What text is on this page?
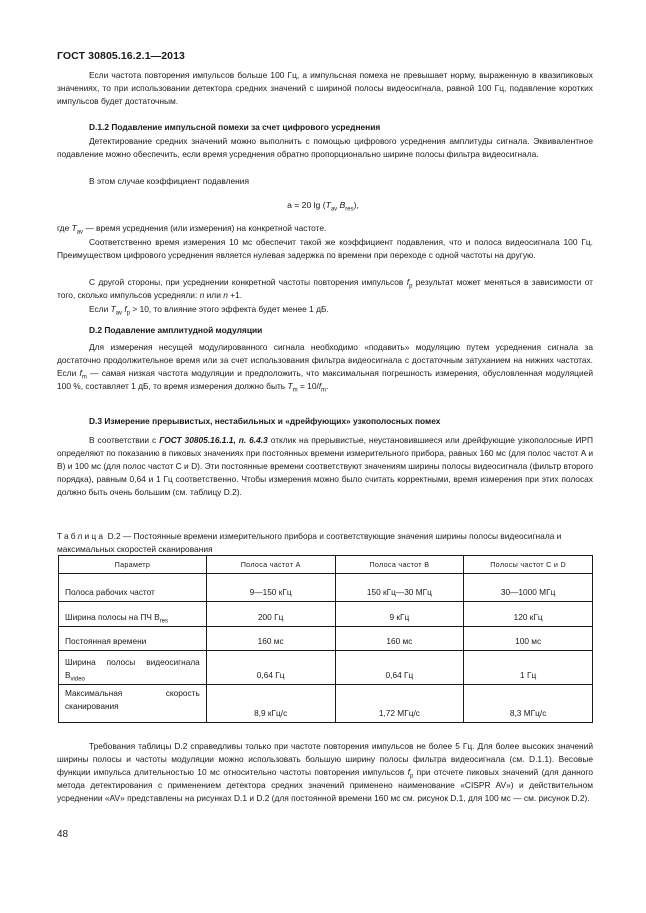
ГОСТ 30805.16.2.1—2013
Если частота повторения импульсов больше 100 Гц, а импульсная помеха не превышает норму, выраженную в квазипиковых значениях, то при использовании детектора средних значений с шириной полосы видеосигнала, равной 100 Гц, подавление коротких импульсов будет достаточным.
D.1.2 Подавление импульсной помехи за счет цифрового усреднения
Детектирование средних значений можно выполнить с помощью цифрового усреднения амплитуды сигнала. Эквивалентное подавление можно обеспечить, если время усреднения обратно пропорционально ширине полосы фильтра видеосигнала.
В этом случае коэффициент подавления
a = 20 $\lg (T_{av}$ $B_{res}$),
где $T_{av}$ — время усреднения (или измерения) на конкретной частоте.
Соответственно время измерения 10 мс обеспечит такой же коэффициент подавления, что и полоса видеосигнала 100 Гц. Преимуществом цифрового усреднения является нулевая задержка по времени при переходе с одной частоты на другую.
С другой стороны, при усреднении конкретной частоты повторения импульсов $f_p$ результат может меняться в зависимости от того, сколько импульсов усредняли: n или n +1.
Если $T_{av}$ $f_p > 10$, то влияние этого эффекта будет менее 1 дБ.
D.2 Подавление амплитудной модуляции
Для измерения несущей модулированного сигнала необходимо «подавить» модуляцию путем усреднения сигнала за достаточно продолжительное время или за счет использования фильтра видеосигнала с достаточным затуханием на нижних частотах. Если $f_m$ — самая низкая частота модуляции и предположить, что максимальная погрешность измерения, обусловленная модуляцией 100 %, составляет 1 дБ, то время измерения должно быть $T_m = 10/f_m$.
D.3 Измерение прерывистых, нестабильных и «дрейфующих» узкополосных помех
В соответствии с ГОСТ 30805.16.1.1, п. 6.4.3 отклик на прерывистые, неустановившиеся или дрейфующие узкополосные ИРП определяют по показанию в пиковых значениях при постоянных времени измерительного прибора, равных 160 мс (для полос частот A и B) и 100 мс (для полос частот C и D). Эти постоянные времени соответствуют значениям ширины полосы видеосигнала (фильтр второго порядка), равным 0,64 и 1 Гц соответственно. Чтобы измерения можно было считать корректными, время измерения при этих полосах должно быть очень большим (см. таблицу D.2).
Таблица D.2 — Постоянные времени измерительного прибора и соответствующие значения ширины полосы видеосигнала и максимальных скоростей сканирования
Параметр	Полоса частот A	Полоса частот B	Полосы частот C и D
Полоса рабочих частот	9—150 кГц	150 кГц—30 МГц	30—1000 МГц
Ширина полосы на ПЧ $B_{res}$	200 Гц	9 кГц	120 кГц
Постоянная времени	160 мс	160 мс	100 мс
Ширина полосы видеосигнала $B_{video}$	0,64 Гц	0,64 Гц	1 Гц
Максимальная скорость сканирования	8,9 кГц/с	1,72 МГц/с	8,3 МГц/с
Требования таблицы D.2 справедливы только при частоте повторения импульсов не более 5 Гц. Для более высоких значений ширины полосы и частоты модуляции можно использовать большую ширину полосы фильтра видеосигнала (см. D.1.1). Весовые функции импульса длительностью 10 мс относительно частоты повторения импульсов $f_p$ при отсчете пиковых значений (для данного метода детектирования с применением детектора средних значений применено наименование «CISPR AV») и действительном усреднении «AV» представлены на рисунках D.1 и D.2 (для постоянной времени 160 мс см. рисунок D.1, для 100 мс — см. рисунок D.2).
48
